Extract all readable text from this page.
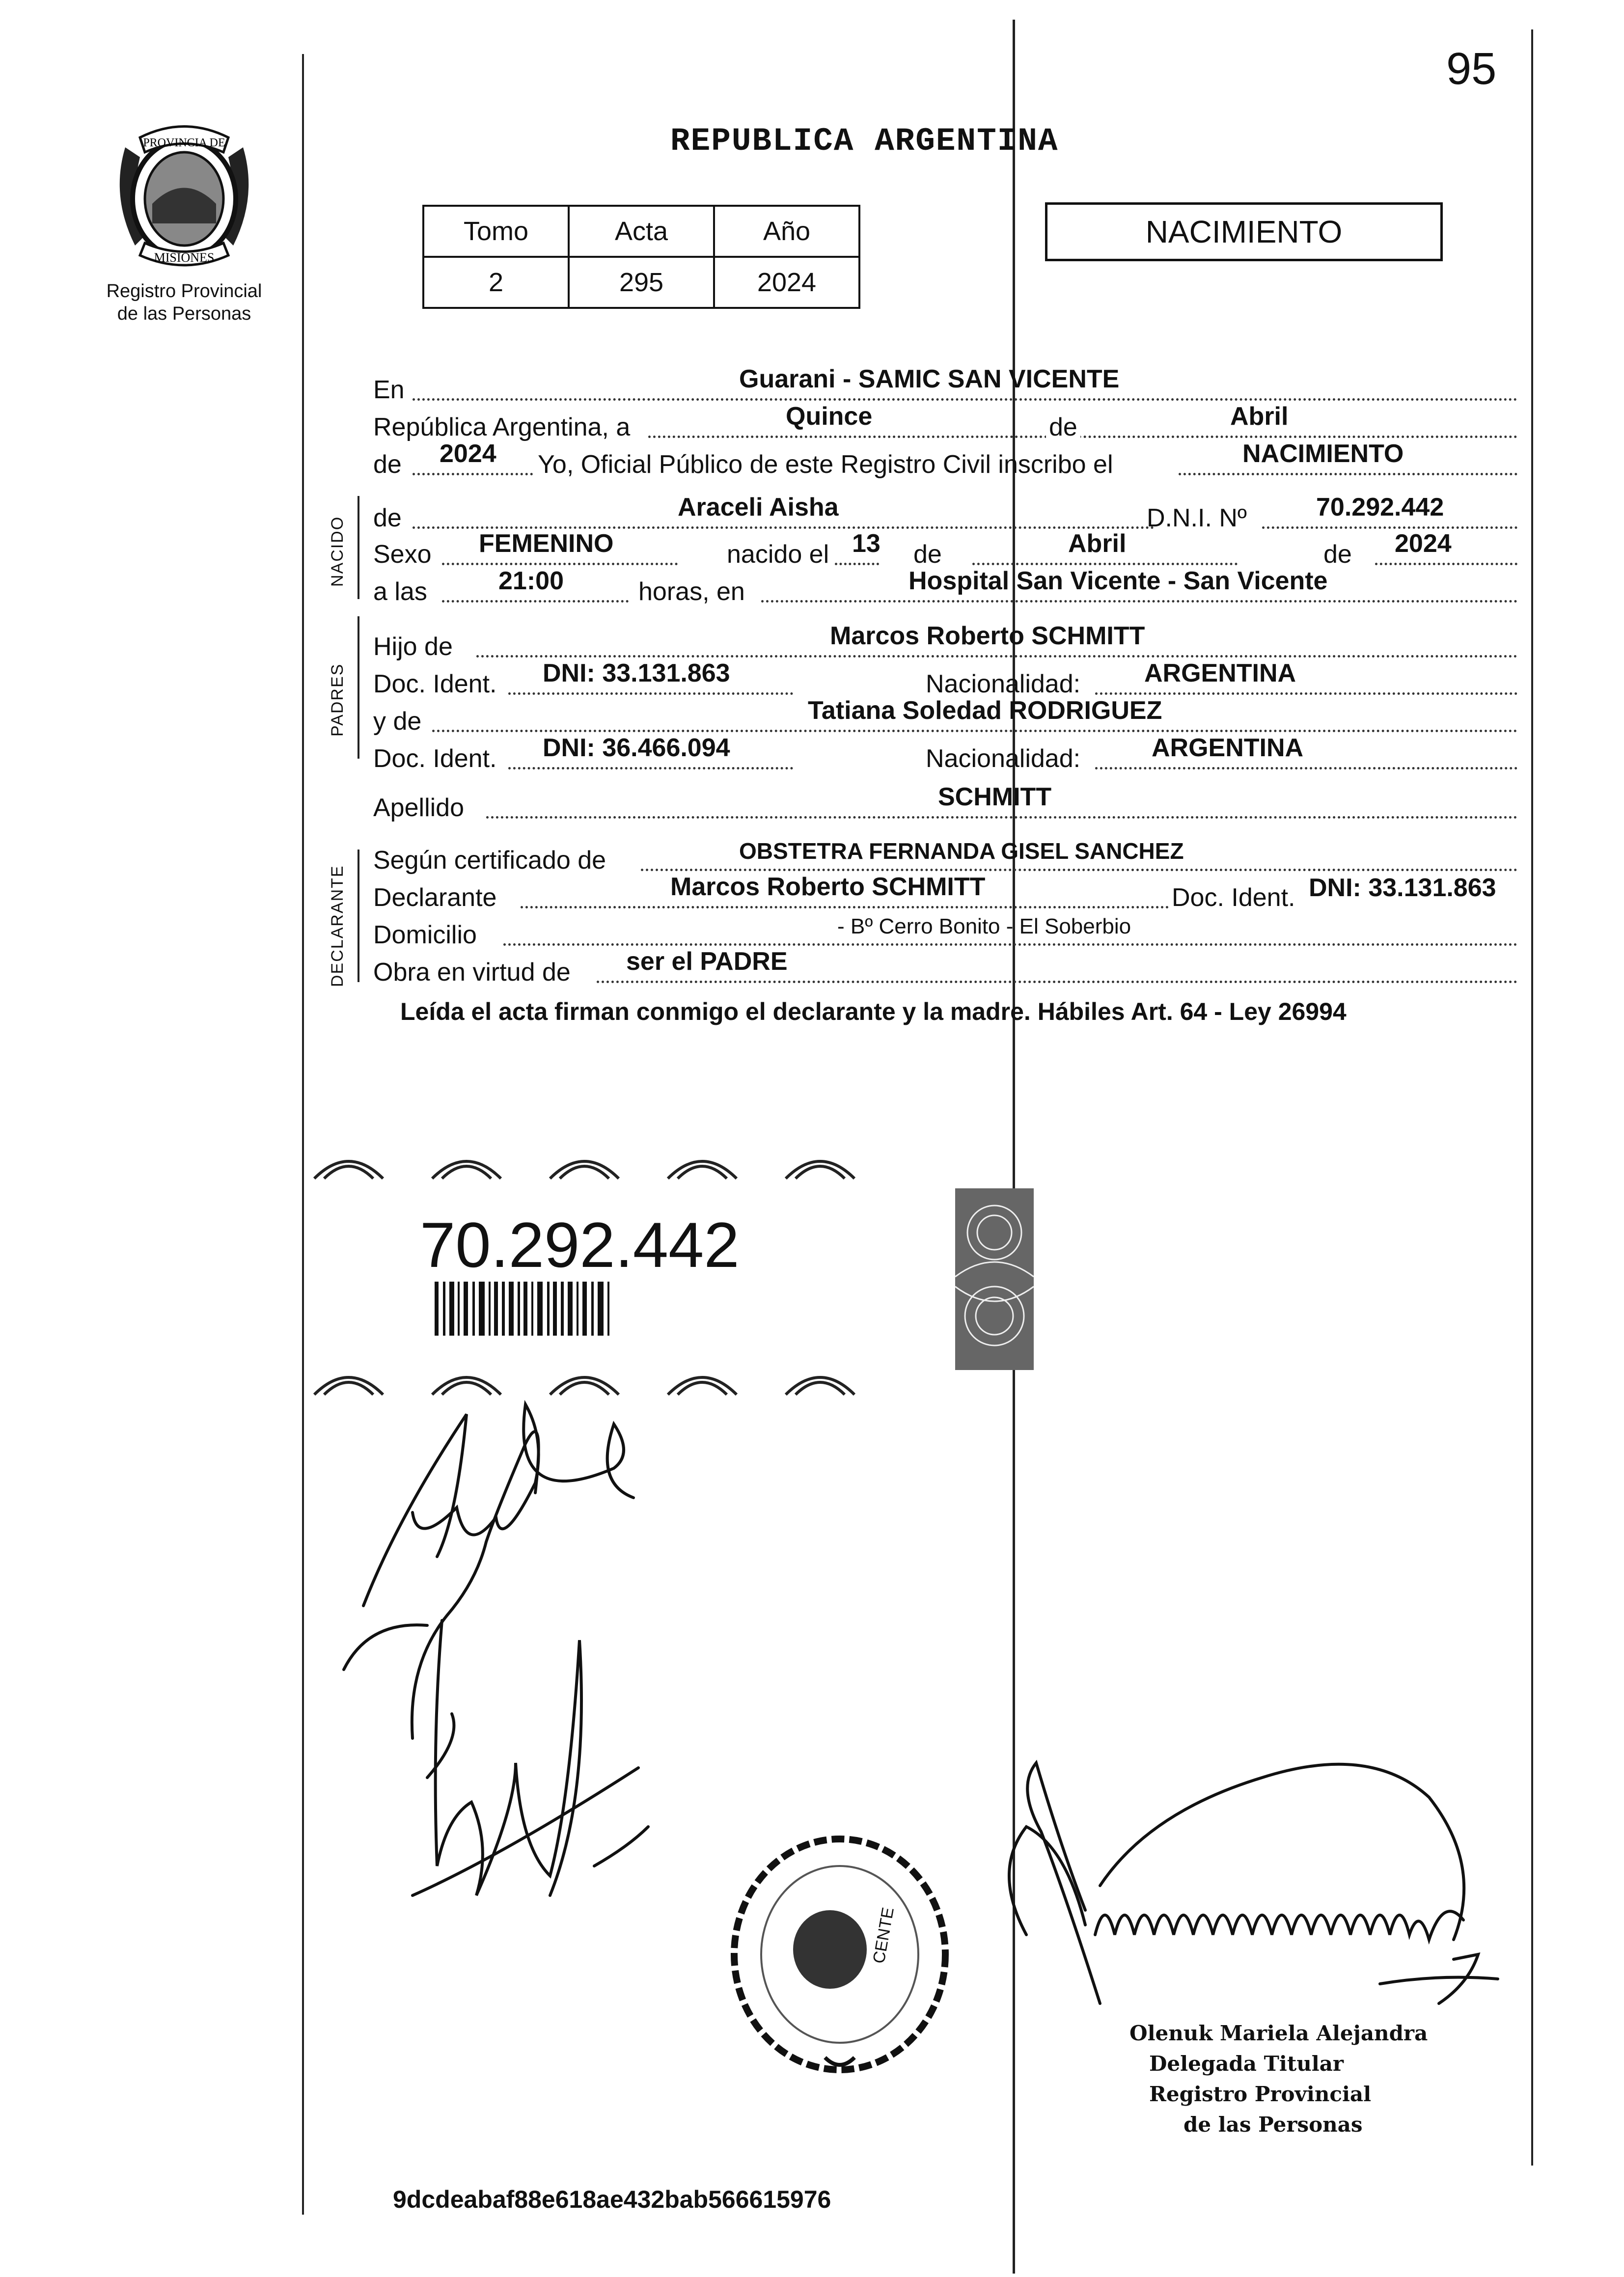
95
PROVINCIA DE
MISIONES
Registro Provincial
de las Personas
REPUBLICA ARGENTINA
Tomo	Acta	Año
2	295	2024
NACIMIENTO
En	Guarani - SAMIC SAN VICENTE
República Argentina, a	Quince	de	Abril
de 2024 Yo, Oficial Público de este Registro Civil inscribo el	NACIMIENTO
NACIDO de	Araceli Aisha	D.N.I. Nº	70.292.442
Sexo FEMENINO	nacido el 13 de	Abril	de 2024
a las	21:00	horas, en	Hospital San Vicente - San Vicente
PADRES
Hijo de	Marcos Roberto SCHMITT
Doc. Ident. DNI: 33.131.863	Nacionalidad: ARGENTINA
y de	Tatiana Soledad RODRIGUEZ
Doc. Ident. DNI: 36.466.094	Nacionalidad:	ARGENTINA
Apellido	SCHMITT
DECLARANTE
Según certificado de	OBSTETRA FERNANDA GISEL SANCHEZ
Declarante	Marcos Roberto SCHMITT	Doc. Ident. DNI: 33.131.863
Domicilio	- Bº Cerro Bonito - El Soberbio
Obra en virtud de ser el PADRE
Leída el acta firman conmigo el declarante y la madre. Hábiles Art. 64 - Ley 26994
70.292.442
CENTE
Olenuk Mariela Alejandra
Delegada Titular
Registro Provincial
de las Personas
9dcdeabaf88e618ae432bab566615976
